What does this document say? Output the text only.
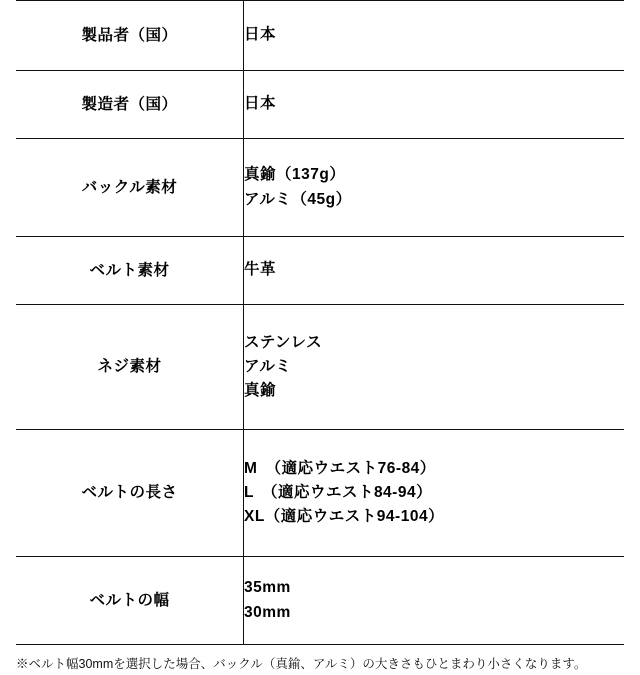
製品者（国）	日本

製造者（国）	日本

バックル素材	真鍮（137g）
アルミ（45g）

ベルト素材	牛革

ネジ素材	ステンレス
アルミ
真鍮

ベルトの長さ	M　（適応ウエスト76-84）
L　（適応ウエスト84-94）
XL（適応ウエスト94-104）

ベルトの幅	35mm
30mm
※ベルト幅30mmを選択した場合、バックル（真鍮、アルミ）の大きさもひとまわり小さくなります。
